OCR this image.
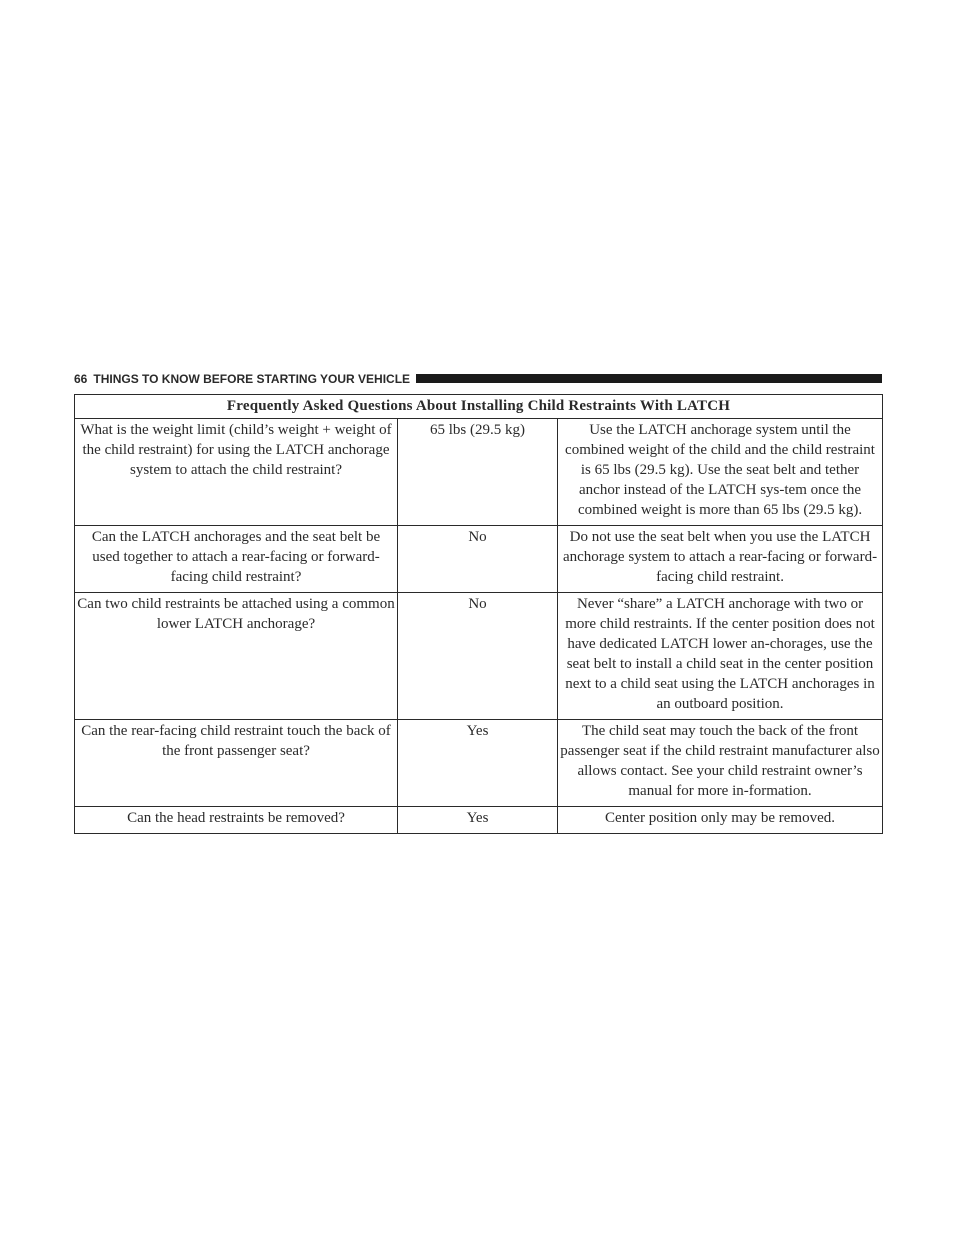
66 THINGS TO KNOW BEFORE STARTING YOUR VEHICLE
Frequently Asked Questions About Installing Child Restraints With LATCH		
What is the weight limit (child’s weight + weight of the child restraint) for using the LATCH anchorage system to attach the child restraint?	65 lbs (29.5 kg)	Use the LATCH anchorage system until the combined weight of the child and the child restraint is 65 lbs (29.5 kg). Use the seat belt and tether anchor instead of the LATCH sys-tem once the combined weight is more than 65 lbs (29.5 kg).
Can the LATCH anchorages and the seat belt be used together to attach a rear-facing or forward-facing child restraint?	No	Do not use the seat belt when you use the LATCH anchorage system to attach a rear-facing or forward-facing child restraint.
Can two child restraints be attached using a common lower LATCH anchorage?	No	Never “share” a LATCH anchorage with two or more child restraints. If the center position does not have dedicated LATCH lower an-chorages, use the seat belt to install a child seat in the center position next to a child seat using the LATCH anchorages in an outboard position.
Can the rear-facing child restraint touch the back of the front passenger seat?	Yes	The child seat may touch the back of the front passenger seat if the child restraint manufacturer also allows contact. See your child restraint owner’s manual for more in-formation.
Can the head restraints be removed?	Yes	Center position only may be removed.
